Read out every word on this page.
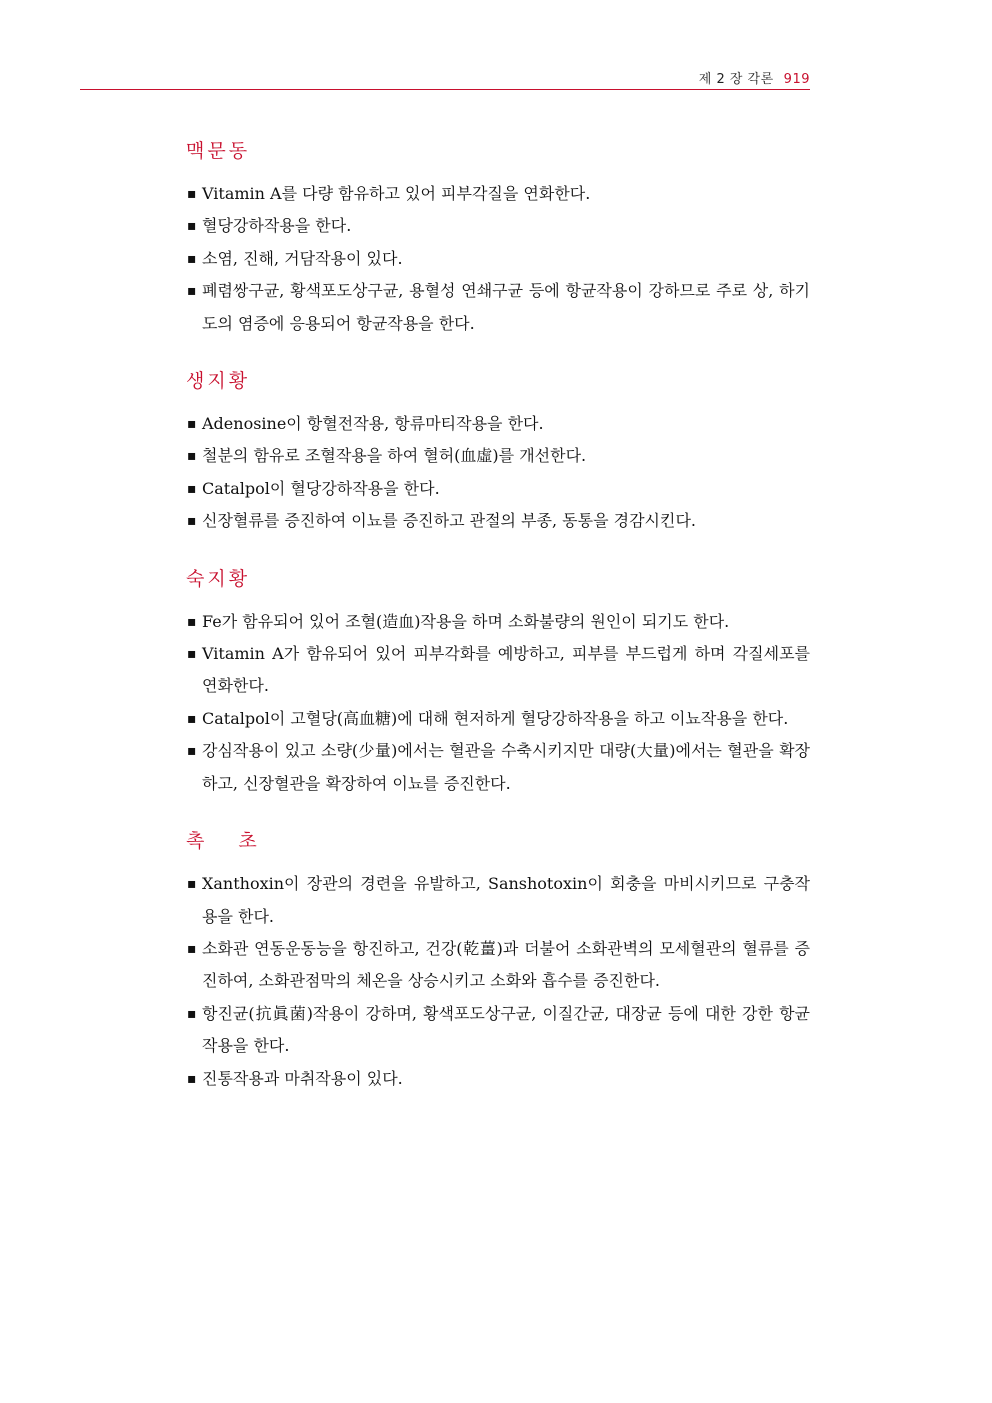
제 2 장 각론 919
맥문동
▪ Vitamin A를 다량 함유하고 있어 피부각질을 연화한다.
▪ 혈당강하작용을 한다.
▪ 소염, 진해, 거담작용이 있다.
▪ 폐렴쌍구균, 황색포도상구균, 용혈성 연쇄구균 등에 항균작용이 강하므로 주로 상, 하기도의 염증에 응용되어 항균작용을 한다.
생지황
▪ Adenosine이 항혈전작용, 항류마티작용을 한다.
▪ 철분의 함유로 조혈작용을 하여 혈허(血虛)를 개선한다.
▪ Catalpol이 혈당강하작용을 한다.
▪ 신장혈류를 증진하여 이뇨를 증진하고 관절의 부종, 동통을 경감시킨다.
숙지황
▪ Fe가 함유되어 있어 조혈(造血)작용을 하며 소화불량의 원인이 되기도 한다.
▪ Vitamin A가 함유되어 있어 피부각화를 예방하고, 피부를 부드럽게 하며 각질세포를 연화한다.
▪ Catalpol이 고혈당(高血糖)에 대해 현저하게 혈당강하작용을 하고 이뇨작용을 한다.
▪ 강심작용이 있고 소량(少量)에서는 혈관을 수축시키지만 대량(大量)에서는 혈관을 확장하고, 신장혈관을 확장하여 이뇨를 증진한다.
촉 초
▪ Xanthoxin이 장관의 경련을 유발하고, Sanshotoxin이 회충을 마비시키므로 구충작용을 한다.
▪ 소화관 연동운동능을 항진하고, 건강(乾薑)과 더불어 소화관벽의 모세혈관의 혈류를 증진하여, 소화관점막의 체온을 상승시키고 소화와 흡수를 증진한다.
▪ 항진균(抗眞菌)작용이 강하며, 황색포도상구균, 이질간균, 대장균 등에 대한 강한 항균작용을 한다.
▪ 진통작용과 마취작용이 있다.
